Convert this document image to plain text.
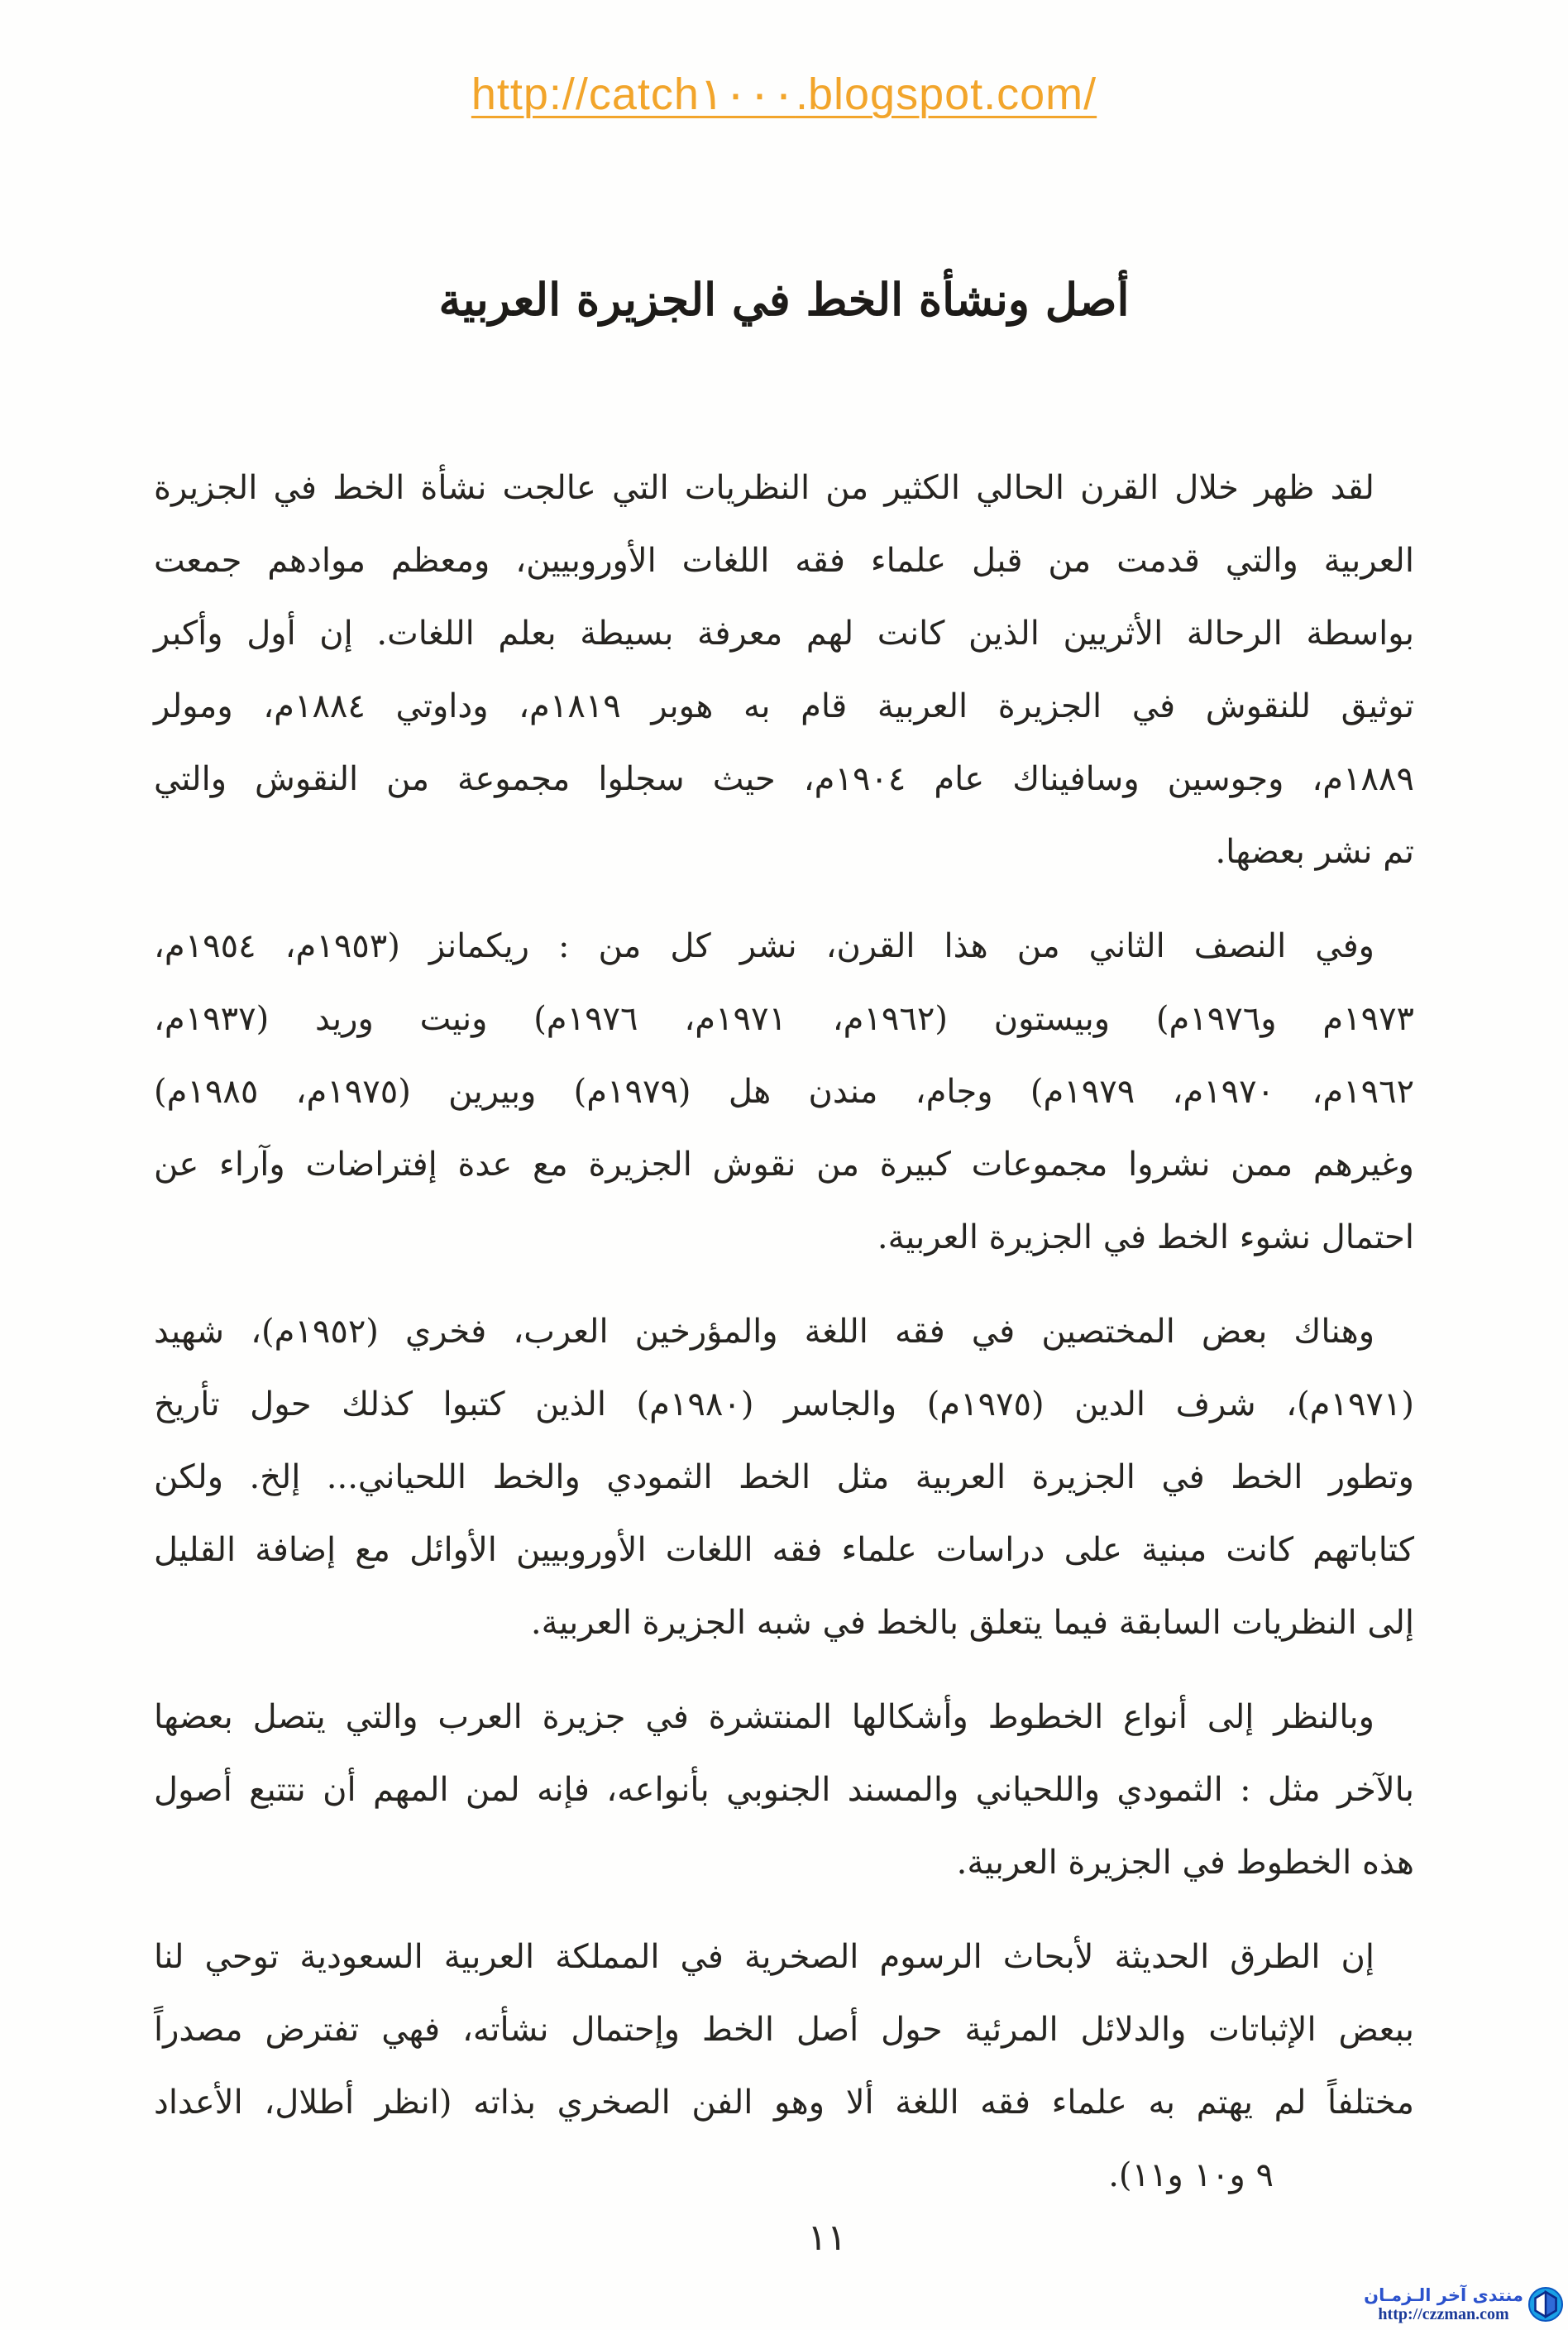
http://catch١٠٠٠.blogspot.com/
أصل ونشأة الخط في الجزيرة العربية
لقد ظهر خلال القرن الحالي الكثير من النظريات التي عالجت نشأة الخط في الجزيرة
العربية والتي قدمت من قبل علماء فقه اللغات الأوروبيين، ومعظم موادهم جمعت
بواسطة الرحالة الأثريين الذين كانت لهم معرفة بسيطة بعلم اللغات. إن أول وأكبر
توثيق للنقوش في الجزيرة العربية قام به هوبر ١٨١٩م، وداوتي ١٨٨٤م، ومولر
١٨٨٩م، وجوسين وسافيناك عام ١٩٠٤م، حيث سجلوا مجموعة من النقوش والتي
تم نشر بعضها.
وفي النصف الثاني من هذا القرن، نشر كل من : ريكمانز (١٩٥٣م، ١٩٥٤م،
١٩٧٣م و١٩٧٦م) وبيستون (١٩٦٢م، ١٩٧١م، ١٩٧٦م) ونيت وريد (١٩٣٧م،
١٩٦٢م، ١٩٧٠م، ١٩٧٩م) وجام، مندن هل (١٩٧٩م) وبيرين (١٩٧٥م، ١٩٨٥م)
وغيرهم ممن نشروا مجموعات كبيرة من نقوش الجزيرة مع عدة إفتراضات وآراء عن
احتمال نشوء الخط في الجزيرة العربية.
وهناك بعض المختصين في فقه اللغة والمؤرخين العرب، فخري (١٩٥٢م)، شهيد
(١٩٧١م)، شرف الدين (١٩٧٥م) والجاسر (١٩٨٠م) الذين كتبوا كذلك حول تأريخ
وتطور الخط في الجزيرة العربية مثل الخط الثمودي والخط اللحياني... إلخ. ولكن
كتاباتهم كانت مبنية على دراسات علماء فقه اللغات الأوروبيين الأوائل مع إضافة القليل
إلى النظريات السابقة فيما يتعلق بالخط في شبه الجزيرة العربية.
وبالنظر إلى أنواع الخطوط وأشكالها المنتشرة في جزيرة العرب والتي يتصل بعضها
بالآخر مثل : الثمودي واللحياني والمسند الجنوبي بأنواعه، فإنه لمن المهم أن نتتبع أصول
هذه الخطوط في الجزيرة العربية.
إن الطرق الحديثة لأبحاث الرسوم الصخرية في المملكة العربية السعودية توحي لنا
ببعض الإثباتات والدلائل المرئية حول أصل الخط وإحتمال نشأته، فهي تفترض مصدراً
مختلفاً لم يهتم به علماء فقه اللغة ألا وهو الفن الصخري بذاته (انظر أطلال، الأعداد
٩ و١٠ و١١).
١١
منتدى آخر الـزمـان
http://czzman.com
